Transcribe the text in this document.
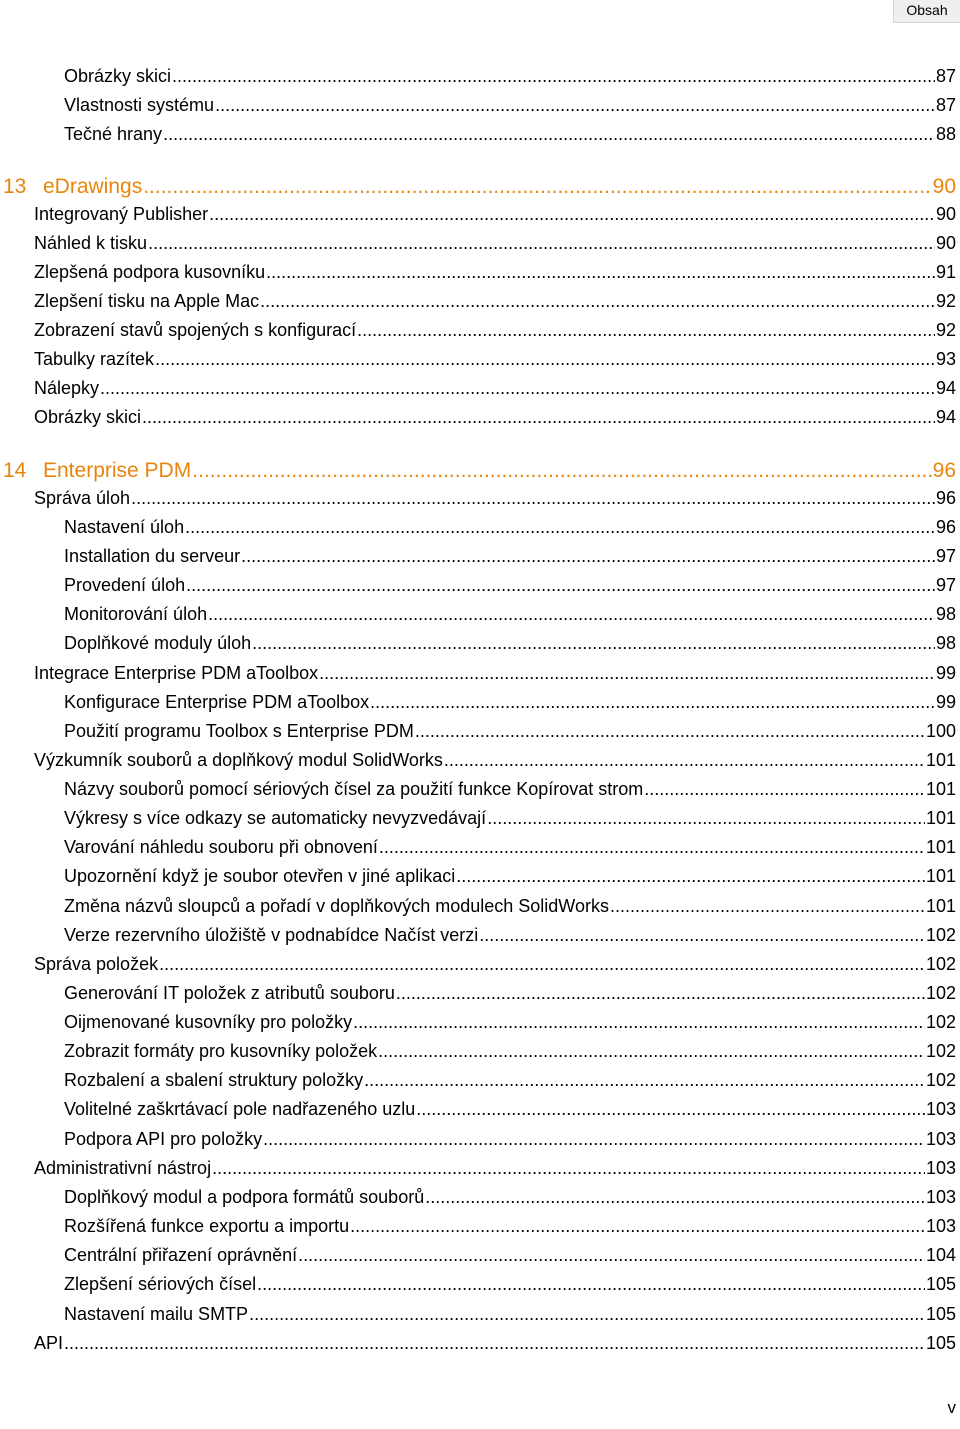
Obsah
Obrázky skici .....	87
Vlastnosti systému .....	87
Tečné hrany .....	88
13 eDrawings .....	90
Integrovaný Publisher .....	90
Náhled k tisku .....	90
Zlepšená podpora kusovníku .....	91
Zlepšení tisku na Apple Mac .....	92
Zobrazení stavů spojených s konfigurací .....	92
Tabulky razítek .....	93
Nálepky .....	94
Obrázky skici .....	94
14 Enterprise PDM .....	96
Správa úloh .....	96
Nastavení úloh .....	96
Installation du serveur .....	97
Provedení úloh .....	97
Monitorování úloh .....	98
Doplňkové moduly úloh .....	98
Integrace Enterprise PDM aToolbox .....	99
Konfigurace Enterprise PDM aToolbox .....	99
Použití programu Toolbox s Enterprise PDM .....	100
Výzkumník souborů a doplňkový modul SolidWorks .....	101
Názvy souborů pomocí sériových čísel za použití funkce Kopírovat strom .....	101
Výkresy s více odkazy se automaticky nevyzvedávají .....	101
Varování náhledu souboru při obnovení .....	101
Upozornění když je soubor otevřen v jiné aplikaci .....	101
Změna názvů sloupců a pořadí v doplňkových modulech SolidWorks .....	101
Verze rezervního úložiště v podnabídce Načíst verzi .....	102
Správa položek .....	102
Generování IT položek z atributů souboru .....	102
Oijmenované kusovníky pro položky .....	102
Zobrazit formáty pro kusovníky položek .....	102
Rozbalení a sbalení struktury položky .....	102
Volitelné zaškrtávací pole nadřazeného uzlu .....	103
Podpora API pro položky .....	103
Administrativní nástroj .....	103
Doplňkový modul a podpora formátů souborů .....	103
Rozšířená funkce exportu a importu .....	103
Centrální přiřazení oprávnění .....	104
Zlepšení sériových čísel .....	105
Nastavení mailu SMTP .....	105
API .....	105
v
